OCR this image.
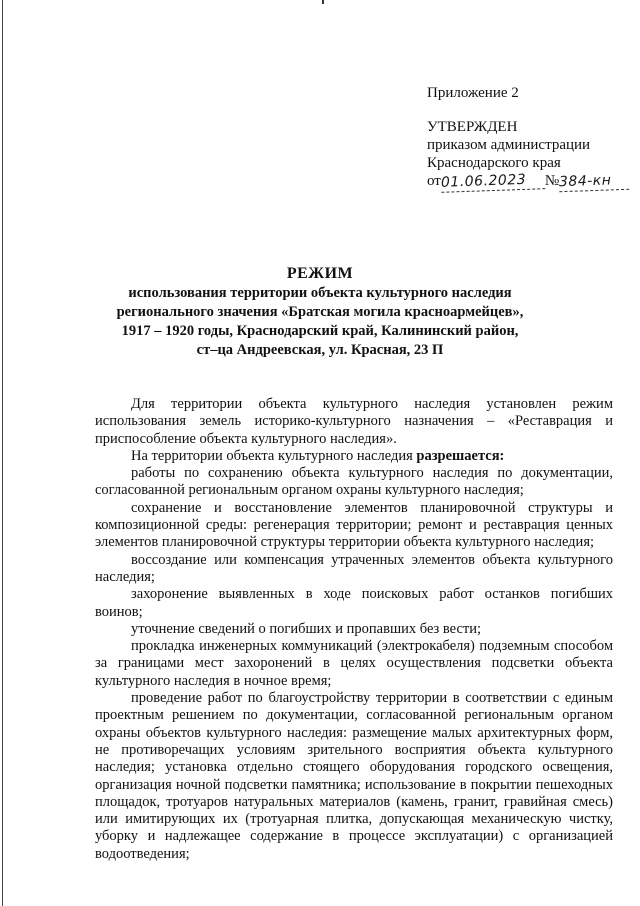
Приложение 2
УТВЕРЖДЕН
приказом администрации
Краснодарского края
от01.06.2023 №384-кн
РЕЖИМ
использования территории объекта культурного наследия
регионального значения «Братская могила красноармейцев»,
1917 – 1920 годы, Краснодарский край, Калининский район,
ст–ца Андреевская, ул. Красная, 23 П

Для территории объекта культурного наследия установлен режим использования земель историко-культурного назначения – «Реставрация и приспособление объекта культурного наследия».

На территории объекта культурного наследия разрешается:

работы по сохранению объекта культурного наследия по документации, согласованной региональным органом охраны культурного наследия;

сохранение и восстановление элементов планировочной структуры и композиционной среды: регенерация территории; ремонт и реставрация ценных элементов планировочной структуры территории объекта культурного наследия;

воссоздание или компенсация утраченных элементов объекта культурного наследия;

захоронение выявленных в ходе поисковых работ останков погибших воинов;

уточнение сведений о погибших и пропавших без вести;

прокладка инженерных коммуникаций (электрокабеля) подземным способом за границами мест захоронений в целях осуществления подсветки объекта культурного наследия в ночное время;

проведение работ по благоустройству территории в соответствии с единым проектным решением по документации, согласованной региональным органом охраны объектов культурного наследия: размещение малых архитектурных форм, не противоречащих условиям зрительного восприятия объекта культурного наследия; установка отдельно стоящего оборудования городского освещения, организация ночной подсветки памятника; использование в покрытии пешеходных площадок, тротуаров натуральных материалов (камень, гранит, гравийная смесь) или имитирующих их (тротуарная плитка, допускающая механическую чистку, уборку и надлежащее содержание в процессе эксплуатации) с организацией водоотведения;
